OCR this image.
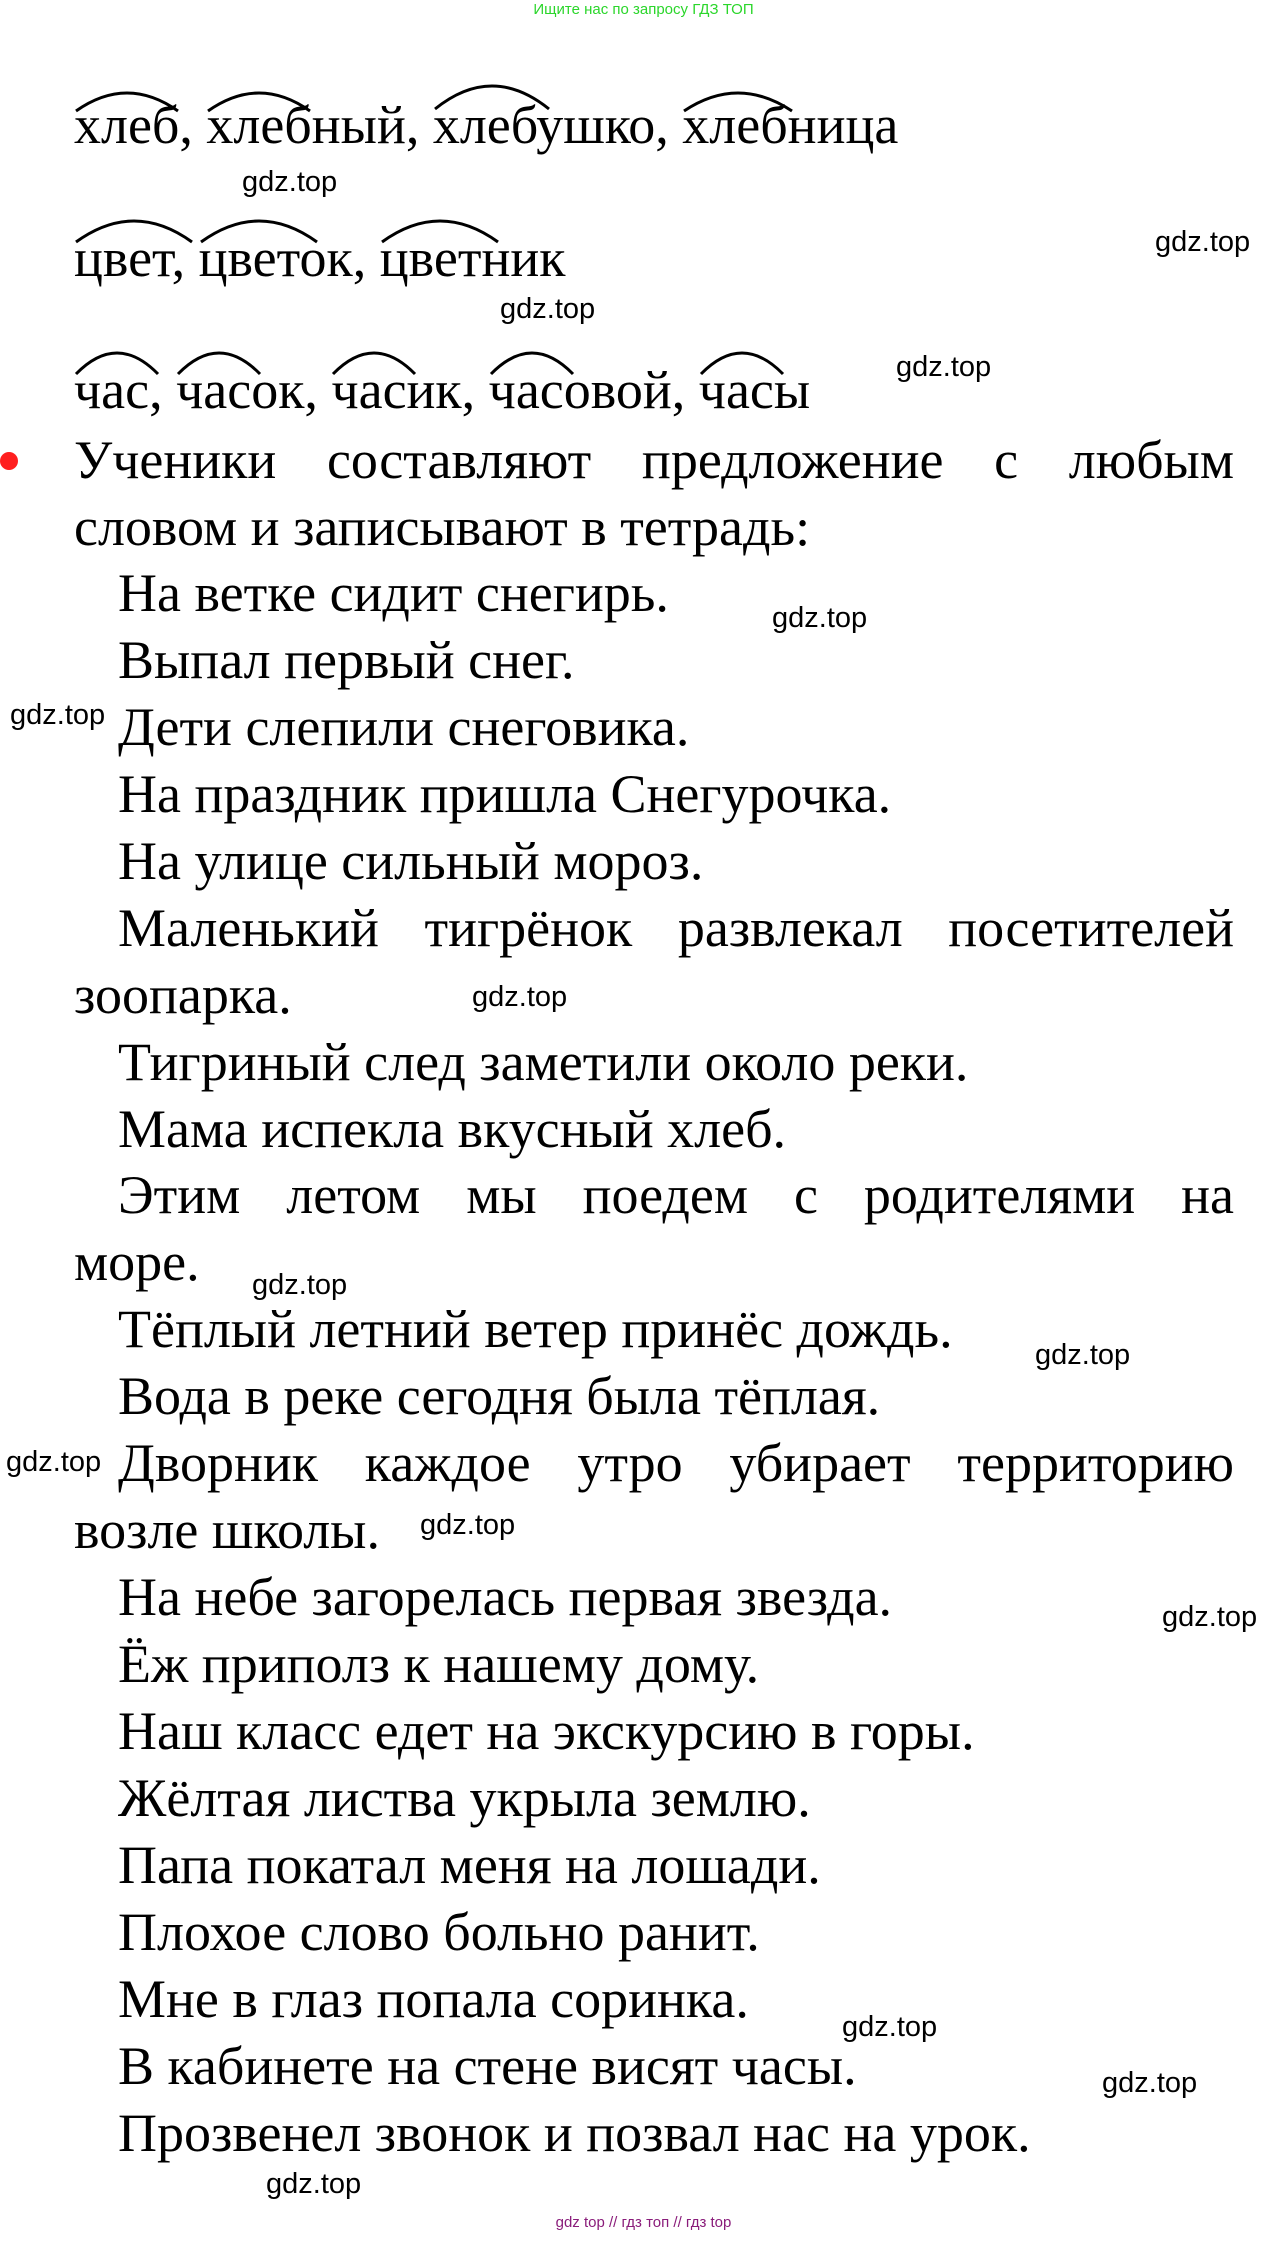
Ищите нас по запросу ГДЗ ТОП
хлеб, хлебный, хлебушко, хлебница
цвет, цветок, цветник
час, часок, часик, часовой, часы
Ученики составляют предложение с любым
словом и записывают в тетрадь:
На ветке сидит снегирь.
Выпал первый снег.
Дети слепили снеговика.
На праздник пришла Снегурочка.
На улице сильный мороз.
Маленький тигрёнок развлекал посетителей
зоопарка.
Тигриный след заметили около реки.
Мама испекла вкусный хлеб.
Этим летом мы поедем с родителями на
море.
Тёплый летний ветер принёс дождь.
Вода в реке сегодня была тёплая.
Дворник каждое утро убирает территорию
возле школы.
На небе загорелась первая звезда.
Ёж приполз к нашему дому.
Наш класс едет на экскурсию в горы.
Жёлтая листва укрыла землю.
Папа покатал меня на лошади.
Плохое слово больно ранит.
Мне в глаз попала соринка.
В кабинете на стене висят часы.
Прозвенел звонок и позвал нас на урок.
gdz.top
gdz.top
gdz.top
gdz.top
gdz.top
gdz.top
gdz.top
gdz.top
gdz.top
gdz.top
gdz.top
gdz.top
gdz.top
gdz.top
gdz.top
gdz top // гдз топ // гдз top
